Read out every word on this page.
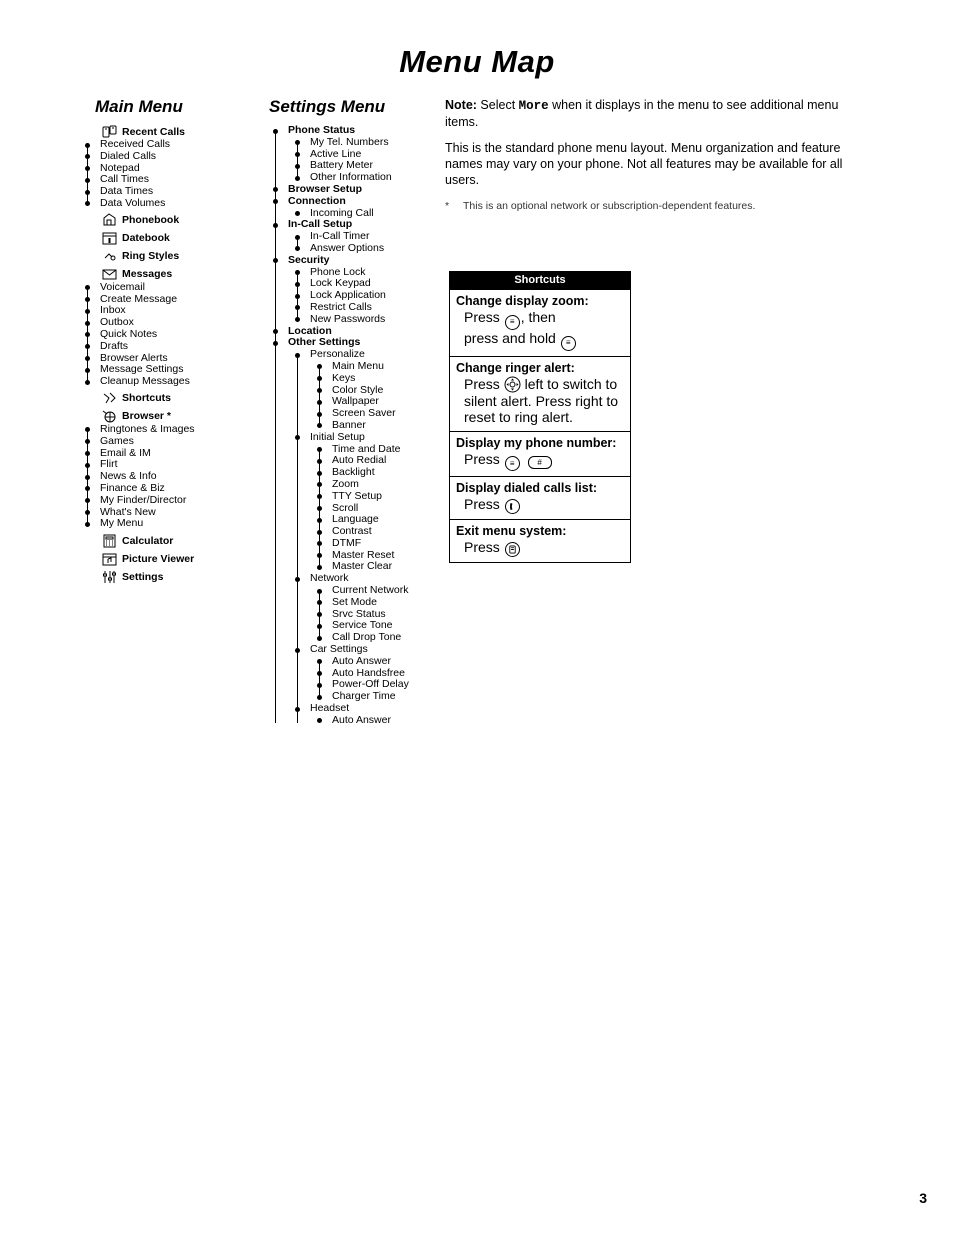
Menu Map
Main Menu
Recent Calls
Received Calls
Dialed Calls
Notepad
Call Times
Data Times
Data Volumes
Phonebook
Datebook
Ring Styles
Messages
Voicemail
Create Message
Inbox
Outbox
Quick Notes
Drafts
Browser Alerts
Message Settings
Cleanup Messages
Shortcuts
Browser *
Ringtones & Images
Games
Email & IM
Flirt
News & Info
Finance & Biz
My Finder/Director
What's New
My Menu
Calculator
Picture Viewer
Settings
Settings Menu
Phone Status
My Tel. Numbers
Active Line
Battery Meter
Other Information
Browser Setup
Connection
Incoming Call
In-Call Setup
In-Call Timer
Answer Options
Security
Phone Lock
Lock Keypad
Lock Application
Restrict Calls
New Passwords
Location
Other Settings
Personalize
Main Menu
Keys
Color Style
Wallpaper
Screen Saver
Banner
Initial Setup
Time and Date
Auto Redial
Backlight
Zoom
TTY Setup
Scroll
Language
Contrast
DTMF
Master Reset
Master Clear
Network
Current Network
Set Mode
Srvc Status
Service Tone
Call Drop Tone
Car Settings
Auto Answer
Auto Handsfree
Power-Off Delay
Charger Time
Headset
Auto Answer

Note: Select More when it displays in the menu to see additional menu items.

This is the standard phone menu layout. Menu organization and feature names may vary on your phone. Not all features may be available for all users.

* This is an optional network or subscription-dependent features.

Shortcuts
Change display zoom:
Press ≡ , then
press and hold ≡
Change ringer alert:
Press  left to switch to silent alert. Press right to reset to ring alert.
Display my phone number:
Press ≡	#
Display dialed calls list:
Press
Exit menu system:
Press
3
